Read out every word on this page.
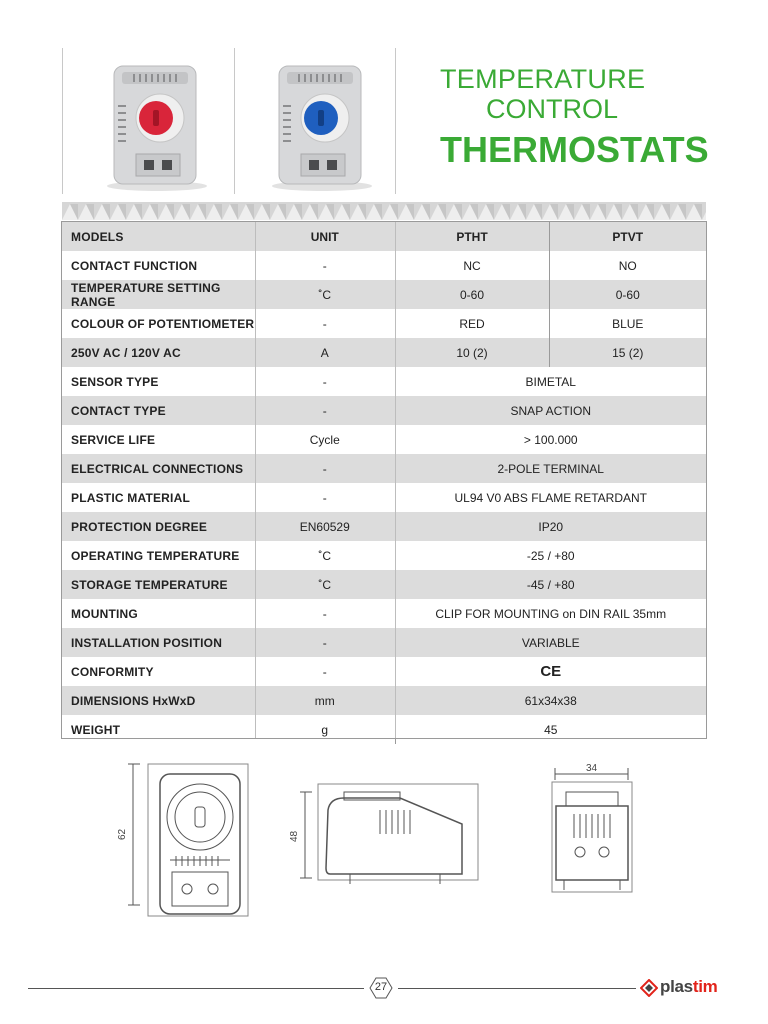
TEMPERATURE
CONTROL
THERMOSTATS
MODELS	UNIT	PTHT	PTVT
CONTACT FUNCTION	-	NC	NO
TEMPERATURE SETTING RANGE	˚C	0-60	0-60
COLOUR OF POTENTIOMETER	-	RED	BLUE
250V AC / 120V AC	A	10 (2)	15 (2)
SENSOR TYPE	-	BIMETAL	
CONTACT TYPE	-	SNAP ACTION	
SERVICE LIFE	Cycle	> 100.000	
ELECTRICAL CONNECTIONS	-	2-POLE TERMINAL	
PLASTIC MATERIAL	-	UL94 V0 ABS FLAME RETARDANT	
PROTECTION DEGREE	EN60529	IP20	
OPERATING TEMPERATURE	˚C	-25 / +80	
STORAGE TEMPERATURE	˚C	-45 / +80	
MOUNTING	-	CLIP FOR MOUNTING on DIN RAIL 35mm	
INSTALLATION POSITION	-	VARIABLE	
CONFORMITY	-	CE	
DIMENSIONS HxWxD	mm	61x34x38	
WEIGHT	g	45	
62	48
34
27	plastim
